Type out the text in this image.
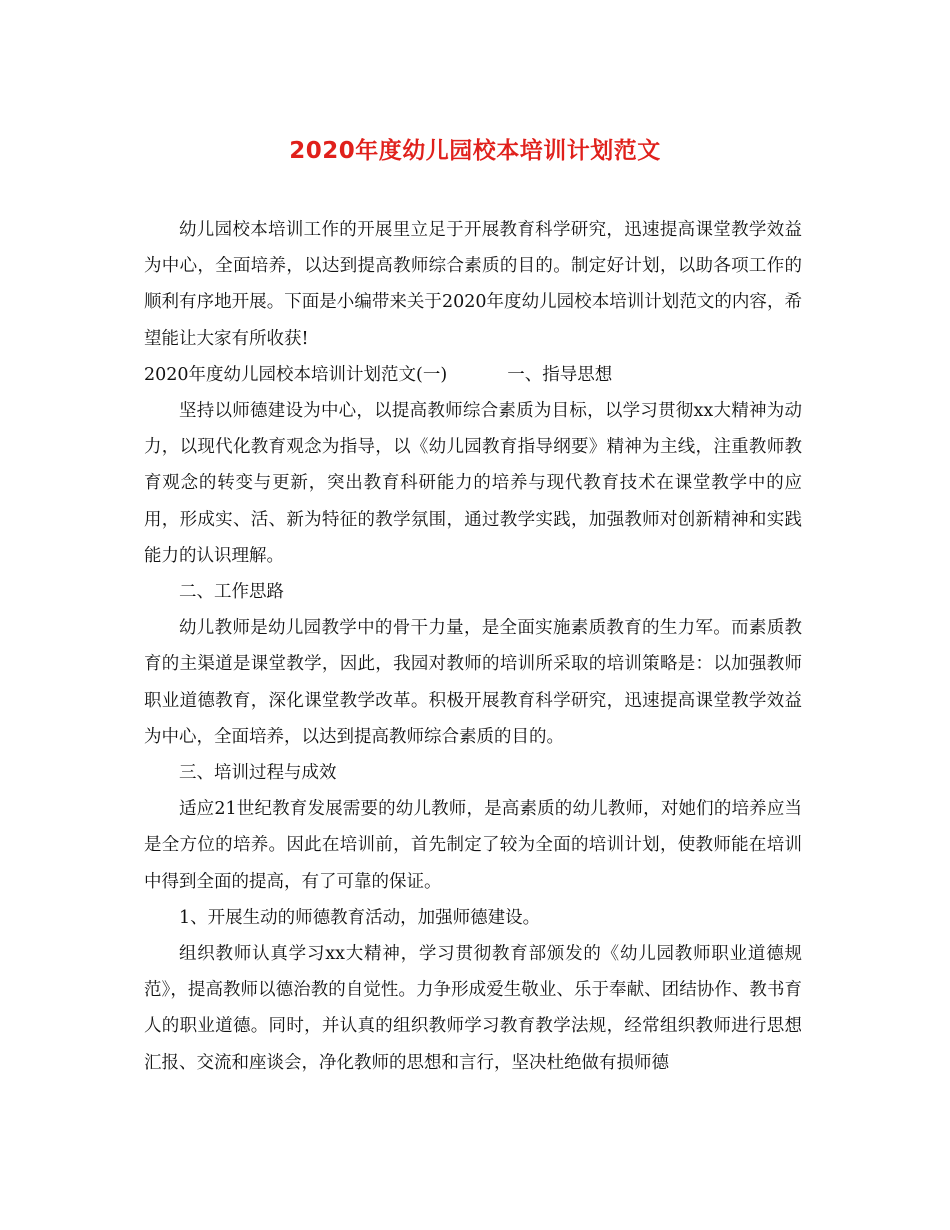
2020年度幼儿园校本培训计划范文

幼儿园校本培训工作的开展里立足于开展教育科学研究，迅速提高课堂教学效益为中心，全面培养，以达到提高教师综合素质的目的。制定好计划，以助各项工作的顺利有序地开展。下面是小编带来关于2020年度幼儿园校本培训计划范文的内容，希望能让大家有所收获!

2020年度幼儿园校本培训计划范文(一)	一、指导思想

坚持以师德建设为中心，以提高教师综合素质为目标，以学习贯彻xx大精神为动力，以现代化教育观念为指导，以《幼儿园教育指导纲要》精神为主线，注重教师教育观念的转变与更新，突出教育科研能力的培养与现代教育技术在课堂教学中的应用，形成实、活、新为特征的教学氛围，通过教学实践，加强教师对创新精神和实践能力的认识理解。

二、工作思路

幼儿教师是幼儿园教学中的骨干力量，是全面实施素质教育的生力军。而素质教育的主渠道是课堂教学，因此，我园对教师的培训所采取的培训策略是：以加强教师职业道德教育，深化课堂教学改革。积极开展教育科学研究，迅速提高课堂教学效益为中心，全面培养，以达到提高教师综合素质的目的。

三、培训过程与成效

适应21世纪教育发展需要的幼儿教师，是高素质的幼儿教师，对她们的培养应当是全方位的培养。因此在培训前，首先制定了较为全面的培训计划，使教师能在培训中得到全面的提高，有了可靠的保证。

1、开展生动的师德教育活动，加强师德建设。

组织教师认真学习xx大精神，学习贯彻教育部颁发的《幼儿园教师职业道德规范》，提高教师以德治教的自觉性。力争形成爱生敬业、乐于奉献、团结协作、教书育人的职业道德。同时，并认真的组织教师学习教育教学法规，经常组织教师进行思想汇报、交流和座谈会，净化教师的思想和言行，坚决杜绝做有损师德
